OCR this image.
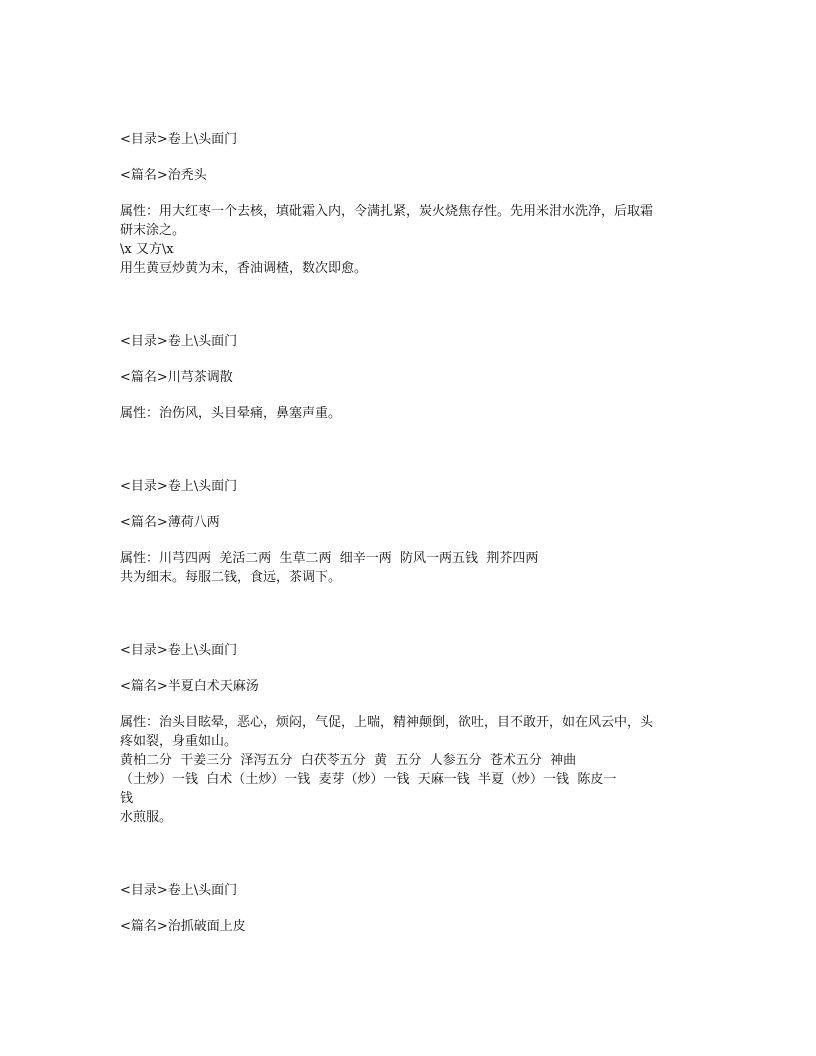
<目录>卷上\头面门

<篇名>治秃头

属性：用大红枣一个去核，填砒霜入内，令满扎紧，炭火烧焦存性。先用米泔水洗净，后取霜

研末涂之。

\x 又方\x

用生黄豆炒黄为末，香油调楂，数次即愈。

<目录>卷上\头面门

<篇名>川芎茶调散

属性：治伤风，头目晕痛，鼻塞声重。

<目录>卷上\头面门

<篇名>薄荷八两

属性：川芎四两  羌活二两  生草二两  细辛一两  防风一两五钱  荆芥四两

共为细末。每服二钱，食远，茶调下。

<目录>卷上\头面门

<篇名>半夏白术天麻汤

属性：治头目眩晕，恶心，烦闷，气促，上喘，精神颠倒，欲吐，目不敢开，如在风云中，头

疼如裂，身重如山。

黄柏二分  干姜三分  泽泻五分  白茯苓五分  黄  五分  人参五分  苍术五分  神曲

（土炒）一钱  白术（土炒）一钱  麦芽（炒）一钱  天麻一钱  半夏（炒）一钱  陈皮一

钱

水煎服。

<目录>卷上\头面门

<篇名>治抓破面上皮
